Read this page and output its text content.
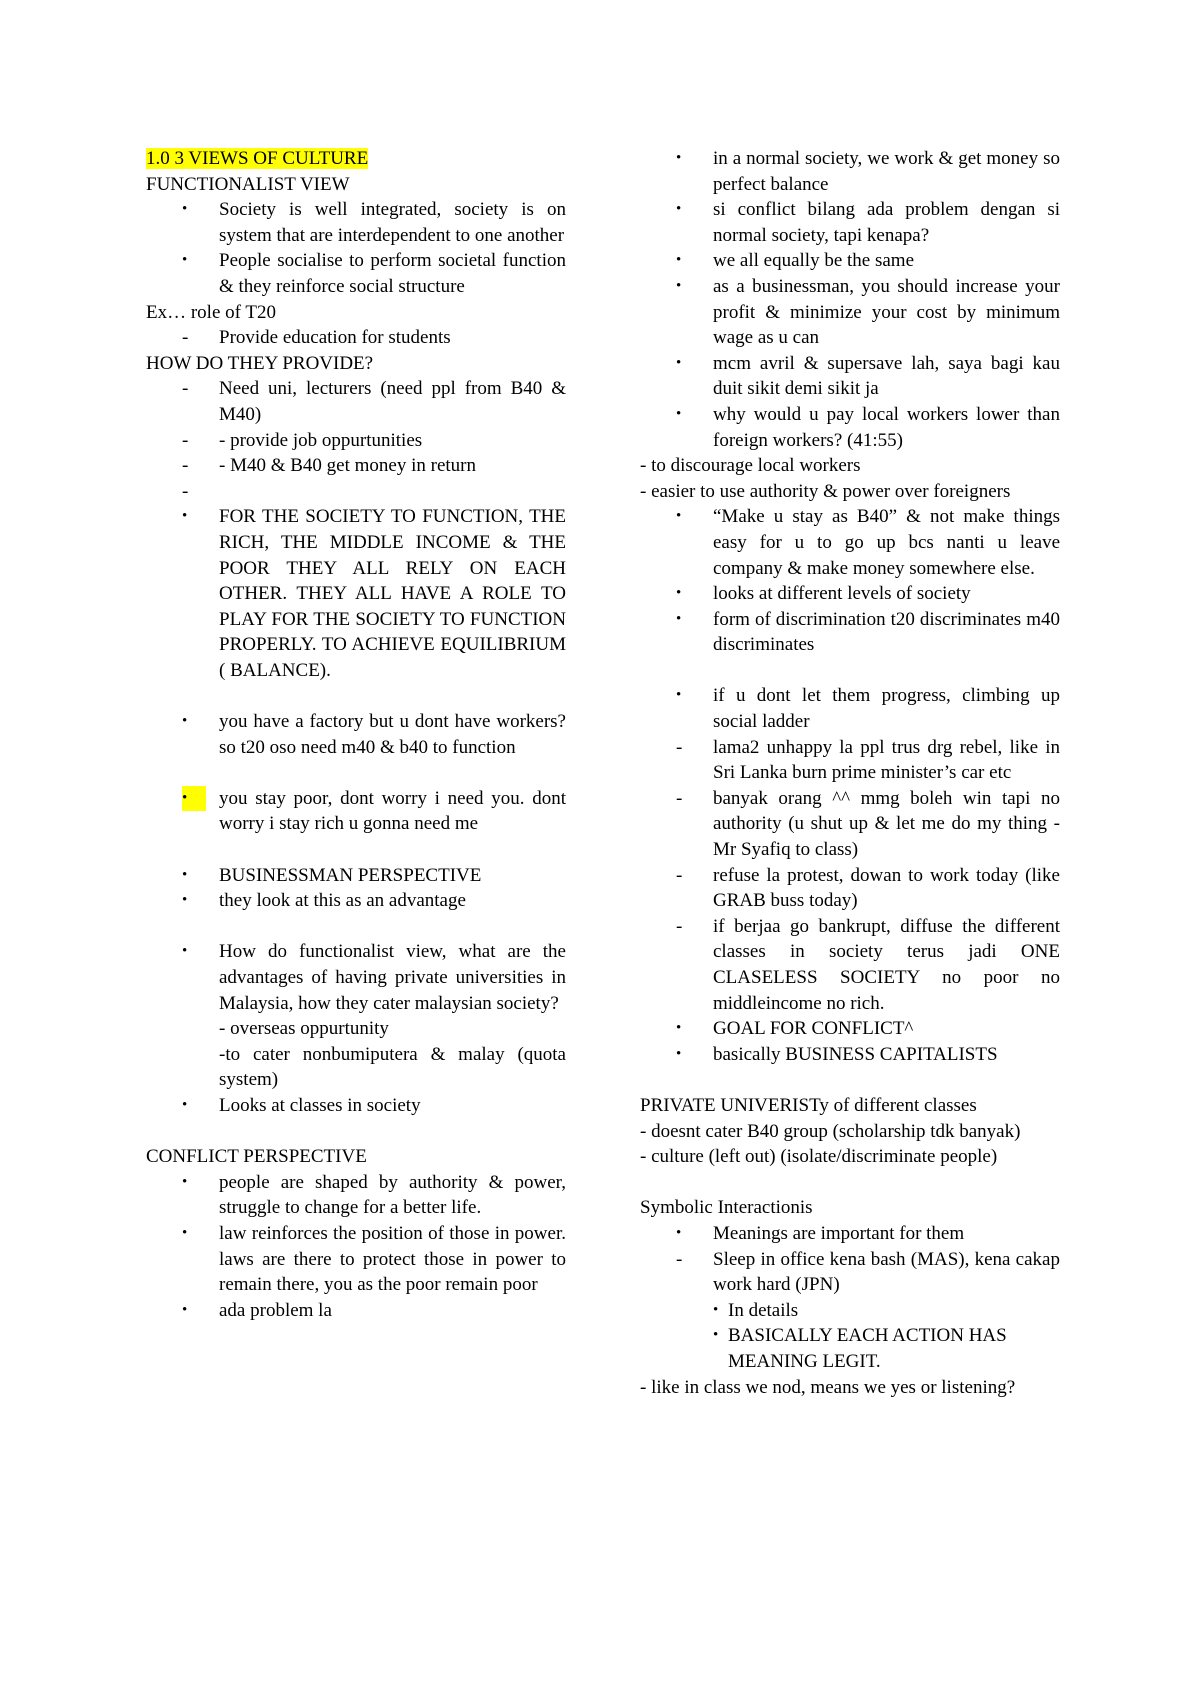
1.0 3 VIEWS OF CULTURE
FUNCTIONALIST VIEW
•	Society is well integrated, society is on system that are interdependent to one another
•	People socialise to perform societal function & they reinforce social structure
Ex… role of T20
-	Provide education for students
HOW DO THEY PROVIDE?
-	Need uni, lecturers (need ppl from B40 & M40)
-	- provide job oppurtunities
-	- M40 & B40 get money in return
-
•	FOR THE SOCIETY TO FUNCTION, THE RICH, THE MIDDLE INCOME & THE POOR THEY ALL RELY ON EACH OTHER. THEY ALL HAVE A ROLE TO PLAY FOR THE SOCIETY TO FUNCTION PROPERLY. TO ACHIEVE EQUILIBRIUM ( BALANCE).
•	you have a factory but u dont have workers? so t20 oso need m40 & b40 to function
•	you stay poor, dont worry i need you. dont worry i stay rich u gonna need me
•	BUSINESSMAN PERSPECTIVE
•	they look at this as an advantage
•	How do functionalist view, what are the advantages of having private universities in Malaysia, how they cater malaysian society?
- overseas oppurtunity
-to cater nonbumiputera & malay (quota system)
•	Looks at classes in society
CONFLICT PERSPECTIVE
•	people are shaped by authority & power, struggle to change for a better life.
•	law reinforces the position of those in power. laws are there to protect those in power to remain there, you as the poor remain poor
•	ada problem la
•	in a normal society, we work & get money so perfect balance
•	si conflict bilang ada problem dengan si normal society, tapi kenapa?
•	we all equally be the same
•	as a businessman, you should increase your profit & minimize your cost by minimum wage as u can
•	mcm avril & supersave lah, saya bagi kau duit sikit demi sikit ja
•	why would u pay local workers lower than foreign workers? (41:55)
- to discourage local workers
- easier to use authority & power over foreigners
•	“Make u stay as B40” & not make things easy for u to go up bcs nanti u leave company & make money somewhere else.
•	looks at different levels of society
•	form of discrimination t20 discriminates m40 discriminates
•	if u dont let them progress, climbing up social ladder
-	lama2 unhappy la ppl trus drg rebel, like in Sri Lanka burn prime minister’s car etc
-	banyak orang ^^ mmg boleh win tapi no authority (u shut up & let me do my thing - Mr Syafiq to class)
-	refuse la protest, dowan to work today (like GRAB buss today)
-	if berjaa go bankrupt, diffuse the different classes in society terus jadi ONE CLASELESS SOCIETY no poor no middleincome no rich.
•	GOAL FOR CONFLICT^
•	basically BUSINESS CAPITALISTS
PRIVATE UNIVERISTy of different classes
- doesnt cater B40 group (scholarship tdk banyak)
- culture (left out) (isolate/discriminate people)
Symbolic Interactionis
•	Meanings are important for them
-	Sleep in office kena bash (MAS), kena cakap work hard (JPN)
• In details
• BASICALLY EACH ACTION HAS MEANING LEGIT.
- like in class we nod, means we yes or listening?
